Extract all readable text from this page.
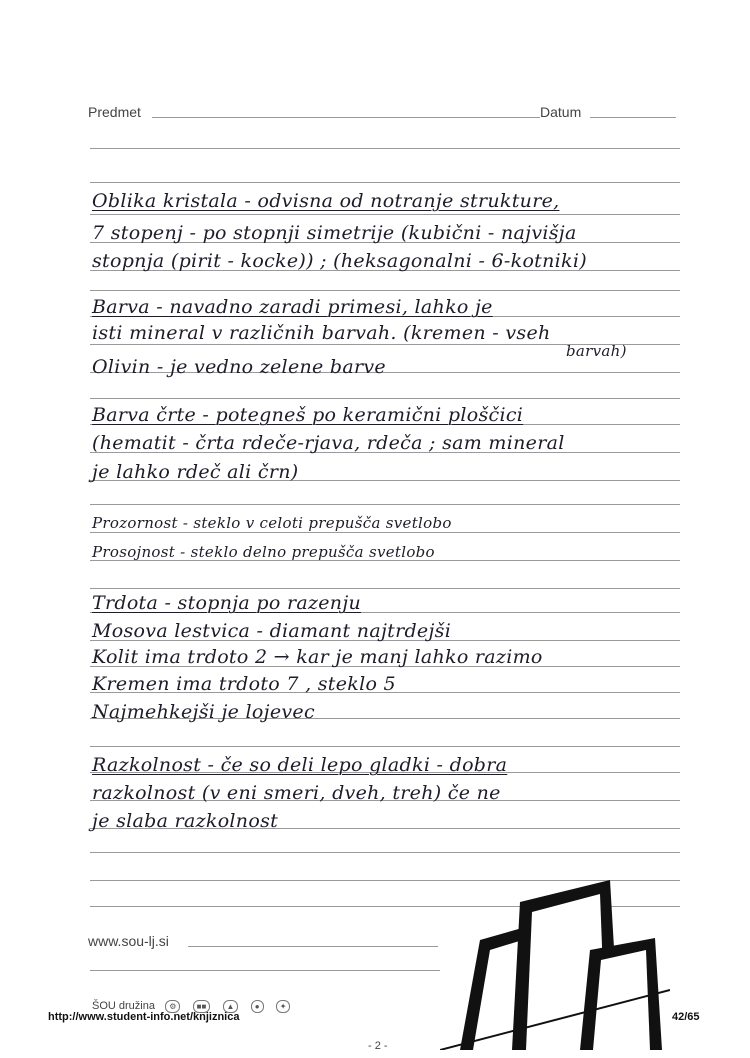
Predmet	Datum
Oblika kristala - odvisna od notranje strukture,
7 stopenj - po stopnji simetrije (kubični - najvišja
stopnja (pirit - kocke)) ; (heksagonalni - 6-kotniki)
Barva - navadno zaradi primesi, lahko je
isti mineral v različnih barvah. (kremen - vseh
barvah)
Olivin - je vedno zelene barve
Barva črte - potegneš po keramični ploščici
(hematit - črta rdeče-rjava, rdeča ; sam mineral
je lahko rdeč ali črn)
Prozornost - steklo v celoti prepušča svetlobo
Prosojnost - steklo delno prepušča svetlobo
Trdota - stopnja po razenju
Mosova lestvica - diamant najtrdejši
Kolit ima trdoto 2 → kar je manj lahko razimo
Kremen ima trdoto 7 , steklo 5
Najmehkejši je lojevec
Razkolnost - če so deli lepo gladki - dobra
razkolnost (v eni smeri, dveh, treh) če ne
je slaba razkolnost
www.sou-lj.si
ŠOU družina ⚙	■■	▲	●	✦
http://www.student-info.net/knjiznica	42/65
- 2 -
